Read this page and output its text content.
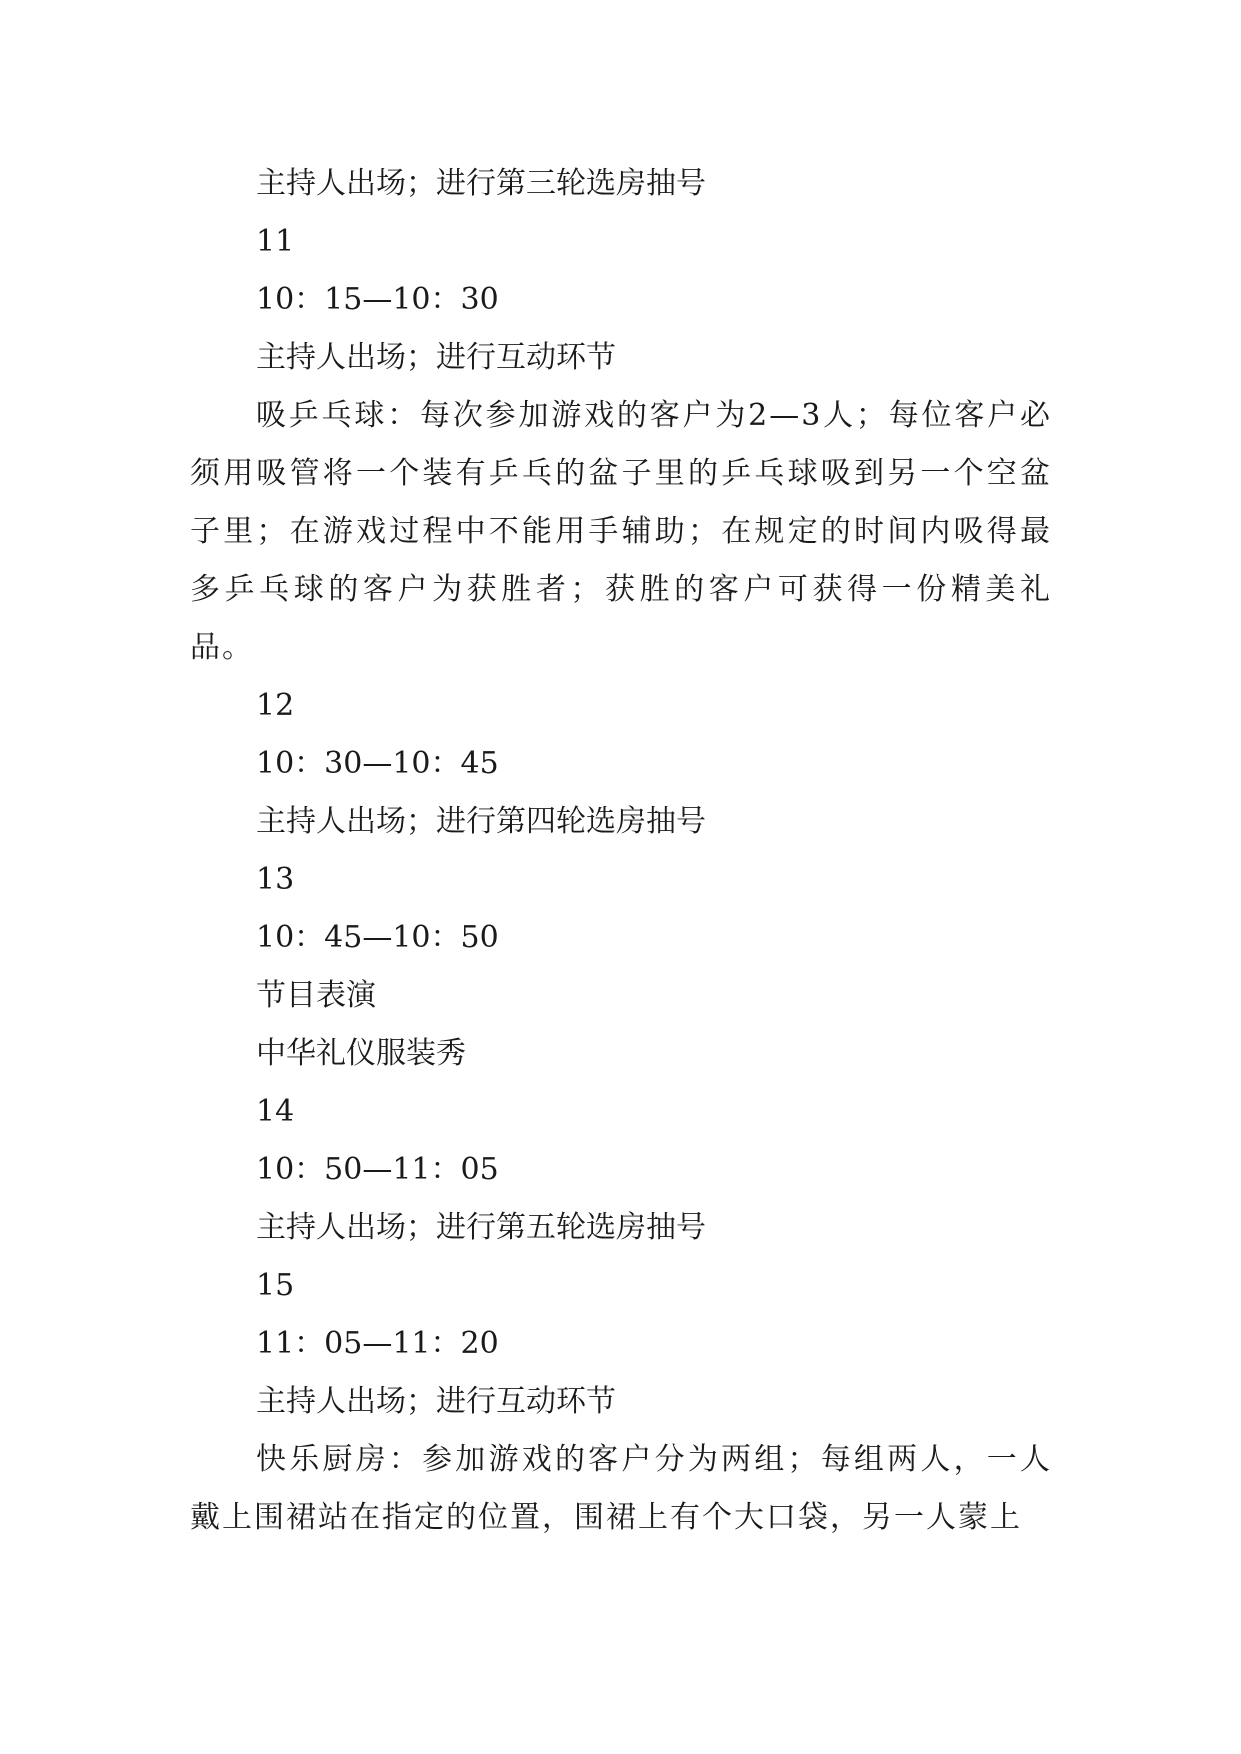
主持人出场；进行第三轮选房抽号

11

10：15—10：30

主持人出场；进行互动环节

吸乒乓球：每次参加游戏的客户为2—3人；每位客户必须用吸管将一个装有乒乓的盆子里的乒乓球吸到另一个空盆子里；在游戏过程中不能用手辅助；在规定的时间内吸得最多乒乓球的客户为获胜者；获胜的客户可获得一份精美礼品。

12

10：30—10：45

主持人出场；进行第四轮选房抽号

13

10：45—10：50

节目表演

中华礼仪服装秀

14

10：50—11：05

主持人出场；进行第五轮选房抽号

15

11：05—11：20

主持人出场；进行互动环节

快乐厨房：参加游戏的客户分为两组；每组两人，一人戴上围裙站在指定的位置，围裙上有个大口袋，另一人蒙上
